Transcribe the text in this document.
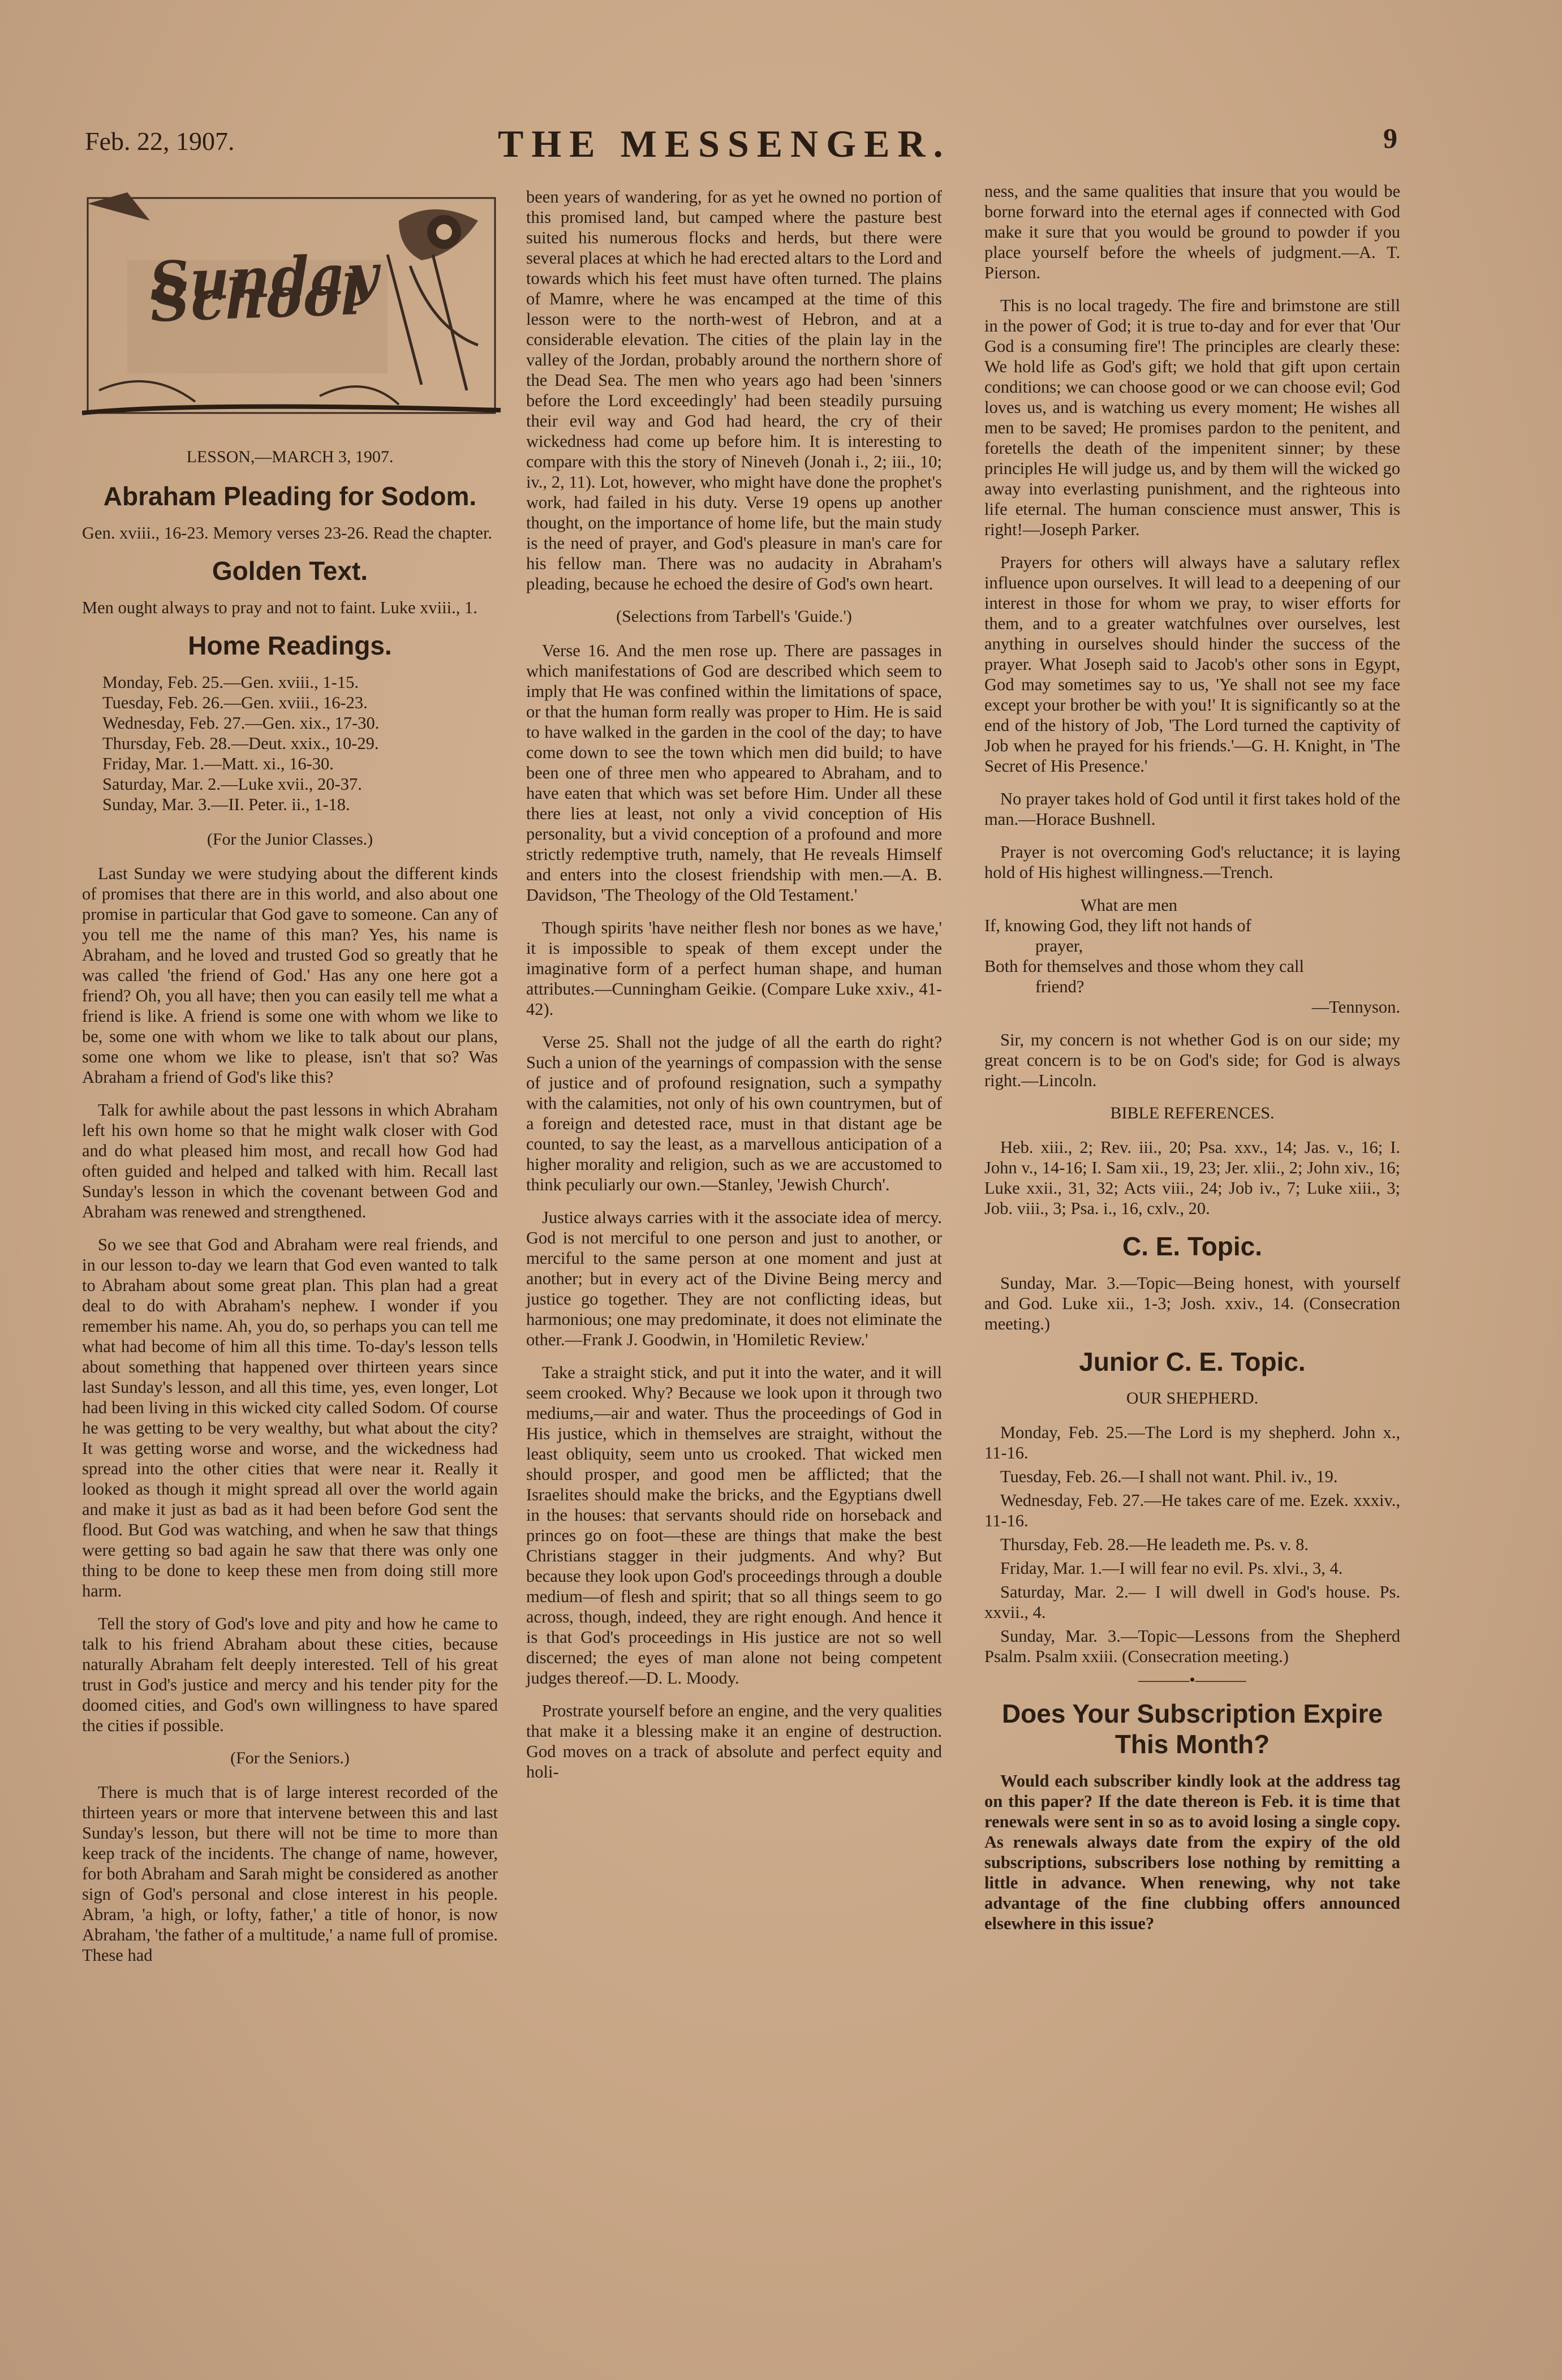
Feb. 22, 1907.	THE MESSENGER.	9
Sunday School
LESSON,—MARCH 3, 1907.
Abraham Pleading for Sodom.

Gen. xviii., 16-23. Memory verses 23-26. Read the chapter.

Golden Text.

Men ought always to pray and not to faint. Luke xviii., 1.

Home Readings.
Monday, Feb. 25.—Gen. xviii., 1-15.
Tuesday, Feb. 26.—Gen. xviii., 16-23.
Wednesday, Feb. 27.—Gen. xix., 17-30.
Thursday, Feb. 28.—Deut. xxix., 10-29.
Friday, Mar. 1.—Matt. xi., 16-30.
Saturday, Mar. 2.—Luke xvii., 20-37.
Sunday, Mar. 3.—II. Peter. ii., 1-18.
(For the Junior Classes.)

Last Sunday we were studying about the different kinds of promises that there are in this world, and also about one promise in particular that God gave to someone. Can any of you tell me the name of this man? Yes, his name is Abraham, and he loved and trusted God so greatly that he was called 'the friend of God.' Has any one here got a friend? Oh, you all have; then you can easily tell me what a friend is like. A friend is some one with whom we like to be, some one with whom we like to talk about our plans, some one whom we like to please, isn't that so? Was Abraham a friend of God's like this?

Talk for awhile about the past lessons in which Abraham left his own home so that he might walk closer with God and do what pleased him most, and recall how God had often guided and helped and talked with him. Recall last Sunday's lesson in which the covenant between God and Abraham was renewed and strengthened.

So we see that God and Abraham were real friends, and in our lesson to-day we learn that God even wanted to talk to Abraham about some great plan. This plan had a great deal to do with Abraham's nephew. I wonder if you remember his name. Ah, you do, so perhaps you can tell me what had become of him all this time. To-day's lesson tells about something that happened over thirteen years since last Sunday's lesson, and all this time, yes, even longer, Lot had been living in this wicked city called Sodom. Of course he was getting to be very wealthy, but what about the city? It was getting worse and worse, and the wickedness had spread into the other cities that were near it. Really it looked as though it might spread all over the world again and make it just as bad as it had been before God sent the flood. But God was watching, and when he saw that things were getting so bad again he saw that there was only one thing to be done to keep these men from doing still more harm.

Tell the story of God's love and pity and how he came to talk to his friend Abraham about these cities, because naturally Abraham felt deeply interested. Tell of his great trust in God's justice and mercy and his tender pity for the doomed cities, and God's own willingness to have spared the cities if possible.

(For the Seniors.)

There is much that is of large interest recorded of the thirteen years or more that intervene between this and last Sunday's lesson, but there will not be time to more than keep track of the incidents. The change of name, however, for both Abraham and Sarah might be considered as another sign of God's personal and close interest in his people. Abram, 'a high, or lofty, father,' a title of honor, is now Abraham, 'the father of a multitude,' a name full of promise. These had

been years of wandering, for as yet he owned no portion of this promised land, but camped where the pasture best suited his numerous flocks and herds, but there were several places at which he had erected altars to the Lord and towards which his feet must have often turned. The plains of Mamre, where he was encamped at the time of this lesson were to the north-west of Hebron, and at a considerable elevation. The cities of the plain lay in the valley of the Jordan, probably around the northern shore of the Dead Sea. The men who years ago had been 'sinners before the Lord exceedingly' had been steadily pursuing their evil way and God had heard, the cry of their wickedness had come up before him. It is interesting to compare with this the story of Nineveh (Jonah i., 2; iii., 10; iv., 2, 11). Lot, however, who might have done the prophet's work, had failed in his duty. Verse 19 opens up another thought, on the importance of home life, but the main study is the need of prayer, and God's pleasure in man's care for his fellow man. There was no audacity in Abraham's pleading, because he echoed the desire of God's own heart.

(Selections from Tarbell's 'Guide.')

Verse 16. And the men rose up. There are passages in which manifestations of God are described which seem to imply that He was confined within the limitations of space, or that the human form really was proper to Him. He is said to have walked in the garden in the cool of the day; to have come down to see the town which men did build; to have been one of three men who appeared to Abraham, and to have eaten that which was set before Him. Under all these there lies at least, not only a vivid conception of His personality, but a vivid conception of a profound and more strictly redemptive truth, namely, that He reveals Himself and enters into the closest friendship with men.—A. B. Davidson, 'The Theology of the Old Testament.'

Though spirits 'have neither flesh nor bones as we have,' it is impossible to speak of them except under the imaginative form of a perfect human shape, and human attributes.—Cunningham Geikie. (Compare Luke xxiv., 41-42).

Verse 25. Shall not the judge of all the earth do right? Such a union of the yearnings of compassion with the sense of justice and of profound resignation, such a sympathy with the calamities, not only of his own countrymen, but of a foreign and detested race, must in that distant age be counted, to say the least, as a marvellous anticipation of a higher morality and religion, such as we are accustomed to think peculiarly our own.—Stanley, 'Jewish Church'.

Justice always carries with it the associate idea of mercy. God is not merciful to one person and just to another, or merciful to the same person at one moment and just at another; but in every act of the Divine Being mercy and justice go together. They are not conflicting ideas, but harmonious; one may predominate, it does not eliminate the other.—Frank J. Goodwin, in 'Homiletic Review.'

Take a straight stick, and put it into the water, and it will seem crooked. Why? Because we look upon it through two mediums,—air and water. Thus the proceedings of God in His justice, which in themselves are straight, without the least obliquity, seem unto us crooked. That wicked men should prosper, and good men be afflicted; that the Israelites should make the bricks, and the Egyptians dwell in the houses: that servants should ride on horseback and princes go on foot—these are things that make the best Christians stagger in their judgments. And why? But because they look upon God's proceedings through a double medium—of flesh and spirit; that so all things seem to go across, though, indeed, they are right enough. And hence it is that God's proceedings in His justice are not so well discerned; the eyes of man alone not being competent judges thereof.—D. L. Moody.

Prostrate yourself before an engine, and the very qualities that make it a blessing make it an engine of destruction. God moves on a track of absolute and perfect equity and holi-

ness, and the same qualities that insure that you would be borne forward into the eternal ages if connected with God make it sure that you would be ground to powder if you place yourself before the wheels of judgment.—A. T. Pierson.

This is no local tragedy. The fire and brimstone are still in the power of God; it is true to-day and for ever that 'Our God is a consuming fire'! The principles are clearly these: We hold life as God's gift; we hold that gift upon certain conditions; we can choose good or we can choose evil; God loves us, and is watching us every moment; He wishes all men to be saved; He promises pardon to the penitent, and foretells the death of the impenitent sinner; by these principles He will judge us, and by them will the wicked go away into everlasting punishment, and the righteous into life eternal. The human conscience must answer, This is right!—Joseph Parker.

Prayers for others will always have a salutary reflex influence upon ourselves. It will lead to a deepening of our interest in those for whom we pray, to wiser efforts for them, and to a greater watchfulnes over ourselves, lest anything in ourselves should hinder the success of the prayer. What Joseph said to Jacob's other sons in Egypt, God may sometimes say to us, 'Ye shall not see my face except your brother be with you!' It is significantly so at the end of the history of Job, 'The Lord turned the captivity of Job when he prayed for his friends.'—G. H. Knight, in 'The Secret of His Presence.'

No prayer takes hold of God until it first takes hold of the man.—Horace Bushnell.

Prayer is not overcoming God's reluctance; it is laying hold of His highest willingness.—Trench.

What are men
If, knowing God, they lift not hands of
prayer,
Both for themselves and those whom they call
friend?
—Tennyson.

Sir, my concern is not whether God is on our side; my great concern is to be on God's side; for God is always right.—Lincoln.

BIBLE REFERENCES.

Heb. xiii., 2; Rev. iii., 20; Psa. xxv., 14; Jas. v., 16; I. John v., 14-16; I. Sam xii., 19, 23; Jer. xlii., 2; John xiv., 16; Luke xxii., 31, 32; Acts viii., 24; Job iv., 7; Luke xiii., 3; Job. viii., 3; Psa. i., 16, cxlv., 20.

C. E. Topic.

Sunday, Mar. 3.—Topic—Being honest, with yourself and God. Luke xii., 1-3; Josh. xxiv., 14. (Consecration meeting.)

Junior C. E. Topic.
OUR SHEPHERD.

Monday, Feb. 25.—The Lord is my shepherd. John x., 11-16.

Tuesday, Feb. 26.—I shall not want. Phil. iv., 19.

Wednesday, Feb. 27.—He takes care of me. Ezek. xxxiv., 11-16.

Thursday, Feb. 28.—He leadeth me. Ps. v. 8.

Friday, Mar. 1.—I will fear no evil. Ps. xlvi., 3, 4.

Saturday, Mar. 2.— I will dwell in God's house. Ps. xxvii., 4.

Sunday, Mar. 3.—Topic—Lessons from the Shepherd Psalm. Psalm xxiii. (Consecration meeting.)

———•———
Does Your Subscription Expire This Month?

Would each subscriber kindly look at the address tag on this paper? If the date thereon is Feb. it is time that renewals were sent in so as to avoid losing a single copy. As renewals always date from the expiry of the old subscriptions, subscribers lose nothing by remitting a little in advance. When renewing, why not take advantage of the fine clubbing offers announced elsewhere in this issue?
